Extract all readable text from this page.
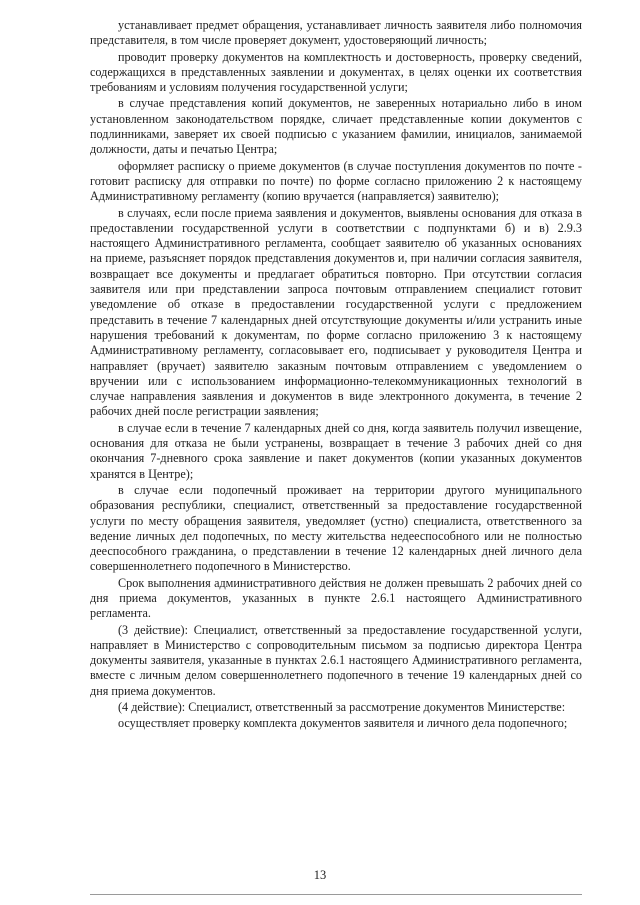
устанавливает предмет обращения, устанавливает личность заявителя либо полномочия представителя, в том числе проверяет документ, удостоверяющий личность;

проводит проверку документов на комплектность и достоверность, проверку сведений, содержащихся в представленных заявлении и документах, в целях оценки их соответствия требованиям и условиям получения государственной услуги;

в случае представления копий документов, не заверенных нотариально либо в ином установленном законодательством порядке, сличает представленные копии документов с подлинниками, заверяет их своей подписью с указанием фамилии, инициалов, занимаемой должности, даты и печатью Центра;

оформляет расписку о приеме документов (в случае поступления документов по почте - готовит расписку для отправки по почте) по форме согласно приложению 2 к настоящему Административному регламенту (копию вручается (направляется) заявителю);

в случаях, если после приема заявления и документов, выявлены основания для отказа в предоставлении государственной услуги в соответствии с подпунктами б) и в) 2.9.3 настоящего Административного регламента, сообщает заявителю об указанных основаниях на приеме, разъясняет порядок представления документов и, при наличии согласия заявителя, возвращает все документы и предлагает обратиться повторно. При отсутствии согласия заявителя или при представлении запроса почтовым отправлением специалист готовит уведомление об отказе в предоставлении государственной услуги с предложением представить в течение 7 календарных дней отсутствующие документы и/или устранить иные нарушения требований к документам, по форме согласно приложению 3 к настоящему Административному регламенту, согласовывает его, подписывает у руководителя Центра и направляет (вручает) заявителю заказным почтовым отправлением с уведомлением о вручении или с использованием информационно-телекоммуникационных технологий в случае направления заявления и документов в виде электронного документа, в течение 2 рабочих дней после регистрации заявления;

в случае если в течение 7 календарных дней со дня, когда заявитель получил извещение, основания для отказа не были устранены, возвращает в течение 3 рабочих дней со дня окончания 7-дневного срока заявление и пакет документов (копии указанных документов хранятся в Центре);

в случае если подопечный проживает на территории другого муниципального образования республики, специалист, ответственный за предоставление государственной услуги по месту обращения заявителя, уведомляет (устно) специалиста, ответственного за ведение личных дел подопечных, по месту жительства недееспособного или не полностью дееспособного гражданина, о представлении в течение 12 календарных дней личного дела совершеннолетнего подопечного в Министерство.

Срок выполнения административного действия не должен превышать 2 рабочих дней со дня приема документов, указанных в пункте 2.6.1 настоящего Административного регламента.

(3 действие): Специалист, ответственный за предоставление государственной услуги, направляет в Министерство с сопроводительным письмом за подписью директора Центра документы заявителя, указанные в пунктах 2.6.1 настоящего Административного регламента, вместе с личным делом совершеннолетнего подопечного в течение 19 календарных дней со дня приема документов.

(4 действие): Специалист, ответственный за рассмотрение документов Министерстве:

осуществляет проверку комплекта документов заявителя и личного дела подопечного;

13
